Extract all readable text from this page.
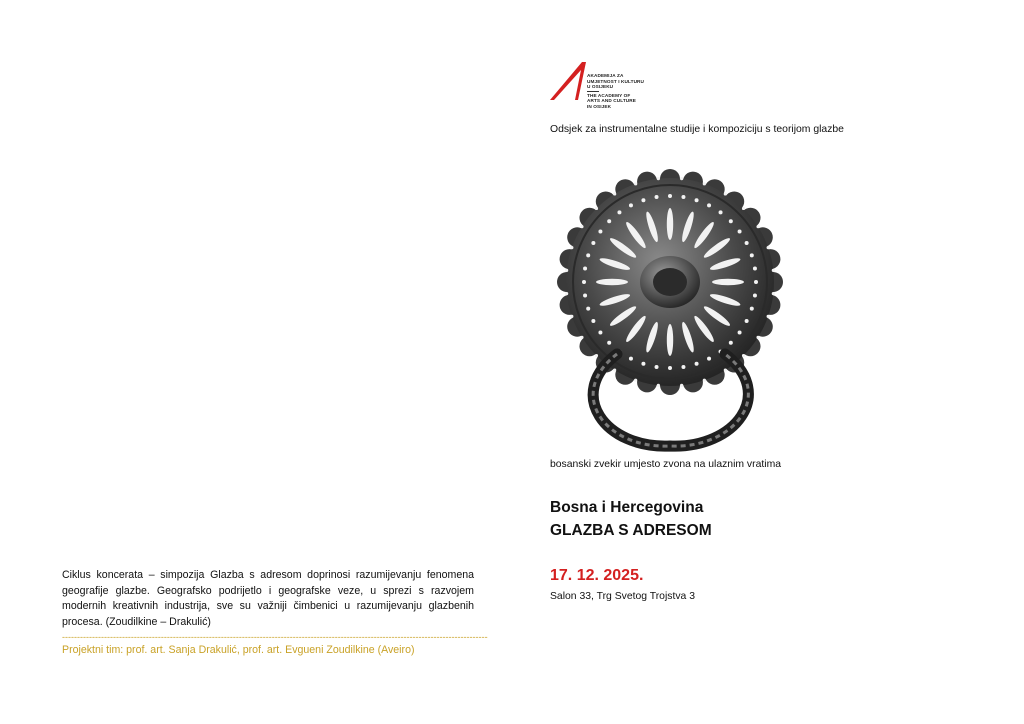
Ciklus koncerata – simpozija Glazba s adresom doprinosi razumijevanju fenomena geografije glazbe. Geografsko podrijetlo i geografske veze, u sprezi s razvojem modernih kreativnih industrija, sve su važniji čimbenici u razumijevanju glazbenih procesa. (Zoudilkine – Drakulić)

----------------------------------------------------------------------------------------------------------------------------------------------
Projektni tim: prof. art. Sanja Drakulić, prof. art. Evgueni Zoudilkine (Aveiro)
AKADEMIJA ZA
UMJETNOST I KULTURU
U OSIJEKU
THE ACADEMY OF
ARTS AND CULTURE
IN OSIJEK
Odsjek za instrumentalne studije i kompoziciju s teorijom glazbe
bosanski zvekir umjesto zvona na ulaznim vratima
Bosna i Hercegovina
GLAZBA S ADRESOM
17. 12. 2025.
Salon 33, Trg Svetog Trojstva 3
